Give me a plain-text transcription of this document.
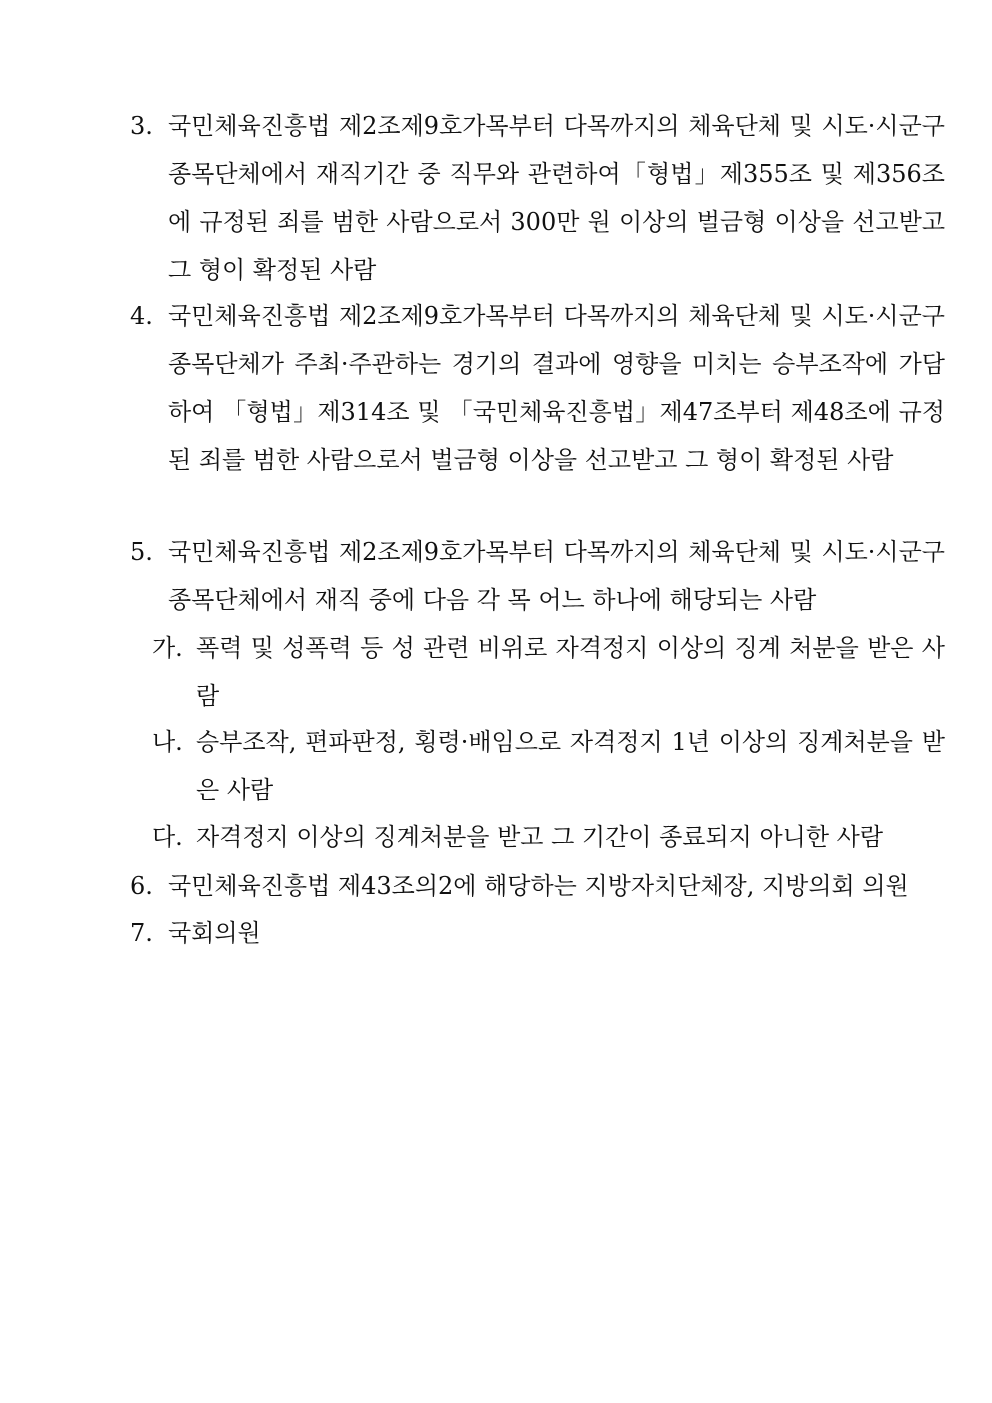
3. 국민체육진흥법 제2조제9호가목부터 다목까지의 체육단체 및 시도·시군구 종목단체에서 재직기간 중 직무와 관련하여「형법」제355조 및 제356조에 규정된 죄를 범한 사람으로서 300만 원 이상의 벌금형 이상을 선고받고 그 형이 확정된 사람
4. 국민체육진흥법 제2조제9호가목부터 다목까지의 체육단체 및 시도·시군구 종목단체가 주최·주관하는 경기의 결과에 영향을 미치는 승부조작에 가담하여 「형법」제314조 및 「국민체육진흥법」제47조부터 제48조에 규정된 죄를 범한 사람으로서 벌금형 이상을 선고받고 그 형이 확정된 사람
5. 국민체육진흥법 제2조제9호가목부터 다목까지의 체육단체 및 시도·시군구 종목단체에서 재직 중에 다음 각 목 어느 하나에 해당되는 사람
가. 폭력 및 성폭력 등 성 관련 비위로 자격정지 이상의 징계 처분을 받은 사람
나. 승부조작, 편파판정, 횡령·배임으로 자격정지 1년 이상의 징계처분을 받은 사람
다. 자격정지 이상의 징계처분을 받고 그 기간이 종료되지 아니한 사람
6. 국민체육진흥법 제43조의2에 해당하는 지방자치단체장, 지방의회 의원
7. 국회의원
